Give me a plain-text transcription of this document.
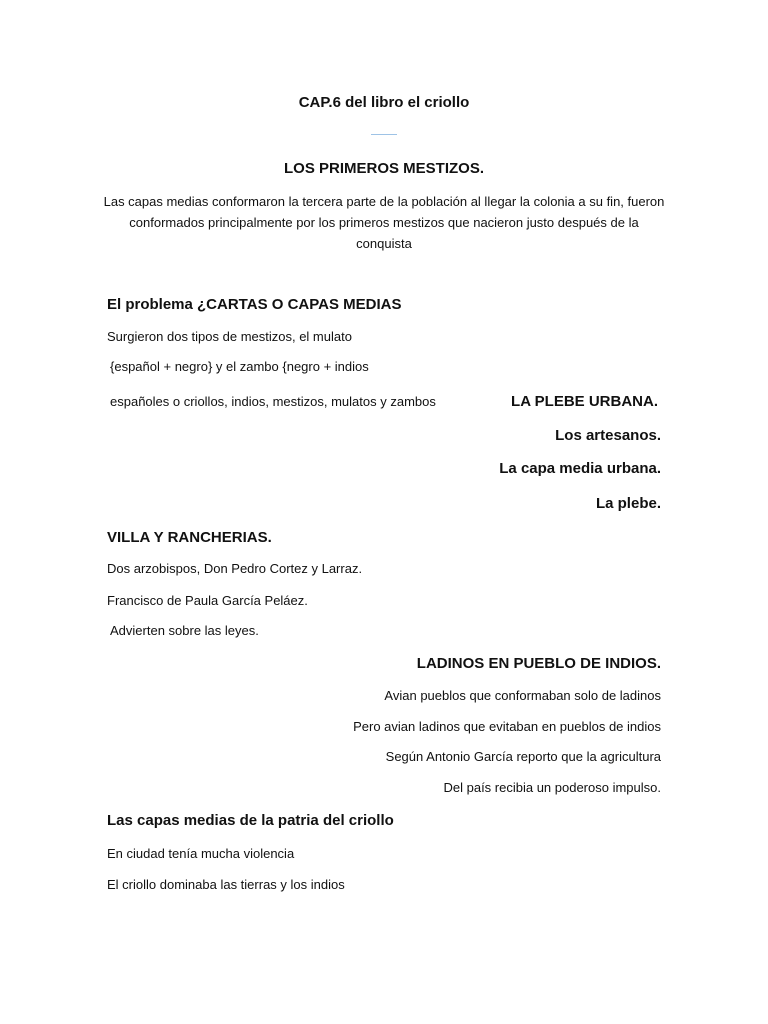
CAP.6 del libro el criollo
LOS PRIMEROS MESTIZOS.
Las capas medias conformaron la tercera parte de la población al llegar la colonia a su fin, fueron conformados principalmente por los primeros mestizos que nacieron justo después de la conquista
El problema ¿CARTAS O CAPAS MEDIAS
Surgieron dos tipos de mestizos, el mulato
{español + negro} y el zambo {negro + indios
españoles o criollos, indios, mestizos, mulatos y zambos	LA PLEBE URBANA.
Los artesanos.
La capa media urbana.
La plebe.
VILLA Y RANCHERIAS.
Dos arzobispos, Don Pedro Cortez y Larraz.
Francisco de Paula García Peláez.
Advierten sobre las leyes.
LADINOS EN PUEBLO DE INDIOS.
Avian pueblos que conformaban solo de ladinos
Pero avian ladinos que evitaban en pueblos de indios
Según Antonio García reporto que la agricultura
Del país recibia un poderoso impulso.
Las capas medias de la patria del criollo
En ciudad tenía mucha violencia
El criollo dominaba las tierras y los indios
